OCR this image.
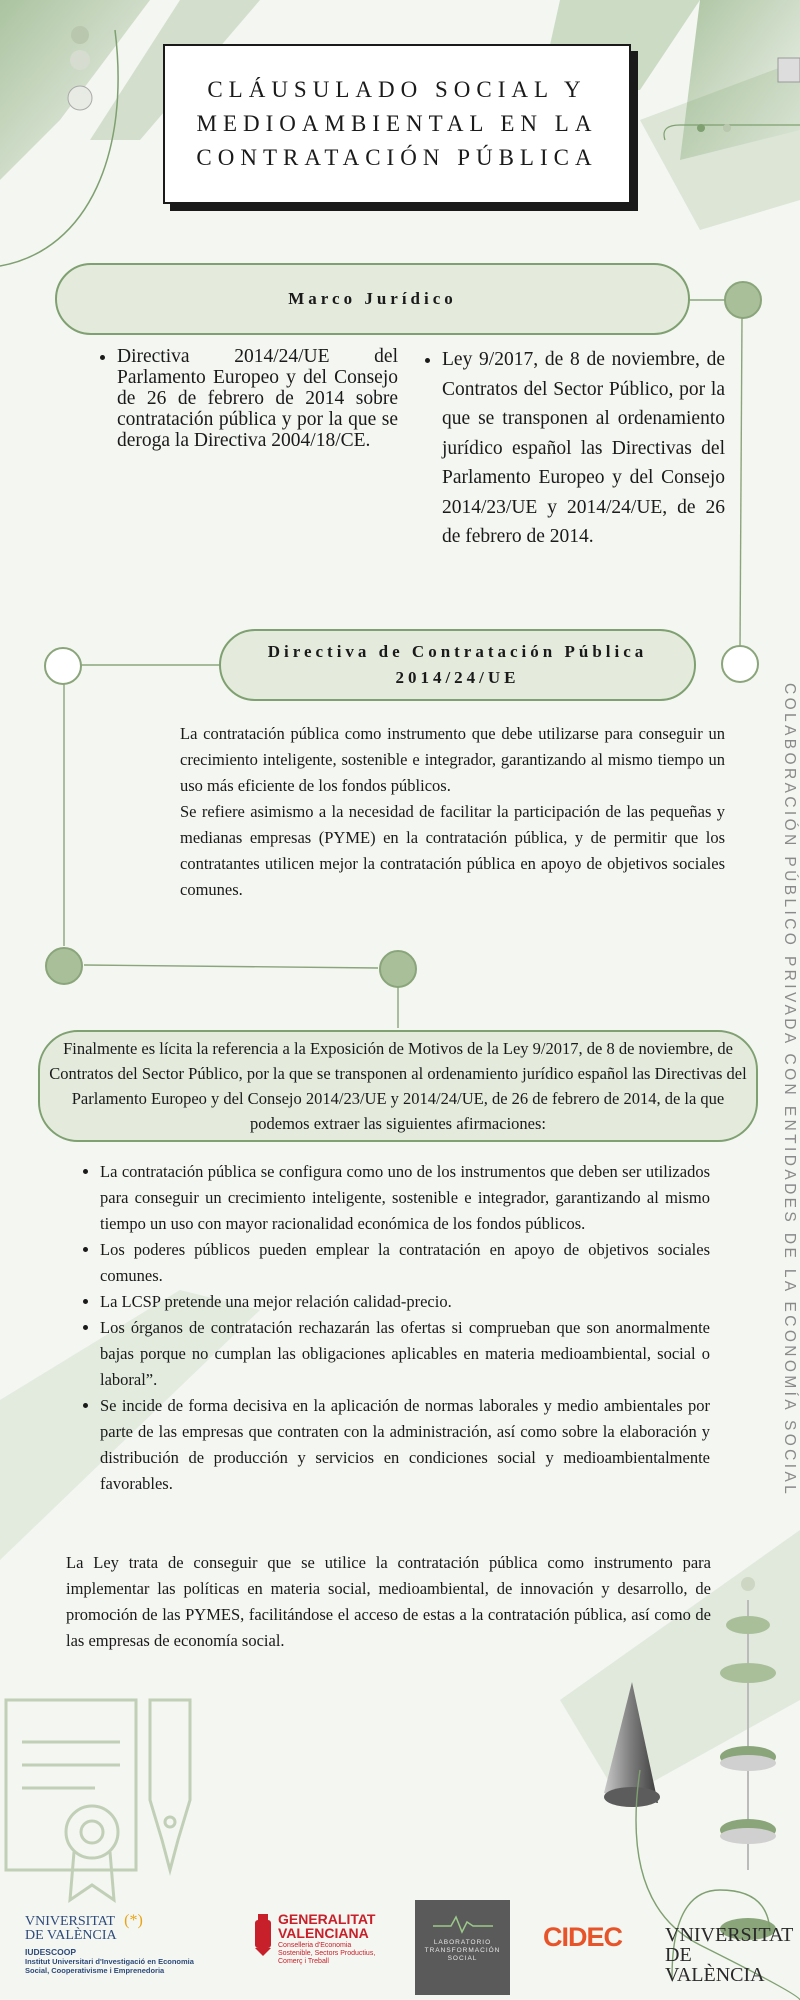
CLÁUSULADO SOCIAL Y
MEDIOAMBIENTAL EN LA
CONTRATACIÓN PÚBLICA
Marco Jurídico
• Directiva 2014/24/UE del Parlamento Europeo y del Consejo de 26 de febrero de 2014 sobre contratación pública y por la que se deroga la Directiva 2004/18/CE.
• Ley 9/2017, de 8 de noviembre, de Contratos del Sector Público, por la que se transponen al ordenamiento jurídico español las Directivas del Parlamento Europeo y del Consejo 2014/23/UE y 2014/24/UE, de 26 de febrero de 2014.
Directiva de Contratación Pública
2014/24/UE

La contratación pública como instrumento que debe utilizarse para conseguir un crecimiento inteligente, sostenible e integrador, garantizando al mismo tiempo un uso más eficiente de los fondos públicos.

Se refiere asimismo a la necesidad de facilitar la participación de las pequeñas y medianas empresas (PYME) en la contratación pública, y de permitir que los contratantes utilicen mejor la contratación pública en apoyo de objetivos sociales comunes.

Finalmente es lícita la referencia a la Exposición de Motivos de la Ley 9/2017, de 8 de noviembre, de Contratos del Sector Público, por la que se transponen al ordenamiento jurídico español las Directivas del Parlamento Europeo y del Consejo 2014/23/UE y 2014/24/UE, de 26 de febrero de 2014, de la que podemos extraer las siguientes afirmaciones:
• La contratación pública se configura como uno de los instrumentos que deben ser utilizados para conseguir un crecimiento inteligente, sostenible e integrador, garantizando al mismo tiempo un uso con mayor racionalidad económica de los fondos públicos.
• Los poderes públicos pueden emplear la contratación en apoyo de objetivos sociales comunes.
• La LCSP pretende una mejor relación calidad-precio.
• Los órganos de contratación rechazarán las ofertas si comprueban que son anormalmente bajas porque no cumplan las obligaciones aplicables en materia medioambiental, social o laboral”.
• Se incide de forma decisiva en la aplicación de normas laborales y medio ambientales por parte de las empresas que contraten con la administración, así como sobre la elaboración y distribución de producción y servicios en condiciones social y medioambientalmente favorables.
La Ley trata de conseguir que se utilice la contratación pública como instrumento para implementar las políticas en materia social, medioambiental, de innovación y desarrollo, de promoción de las PYMES, facilitándose el acceso de estas a la contratación pública, así como de las empresas de economía social.
COLABORACIÓN PÚBLICO PRIVADA CON ENTIDADES DE LA ECONOMÍA SOCIAL
VNIVERSITAT (*)
DE VALÈNCIA
IUDESCOOP
Institut Universitari d'Investigació en Economia
Social, Cooperativisme i Emprenedoria
GENERALITAT
VALENCIANA
Conselleria d'Economia
Sostenible, Sectors Productius,
Comerç i Treball
LABORATORIO
TRANSFORMACIÓN
SOCIAL
CIDEC VNIVERSITAT
DE VALÈNCIA
